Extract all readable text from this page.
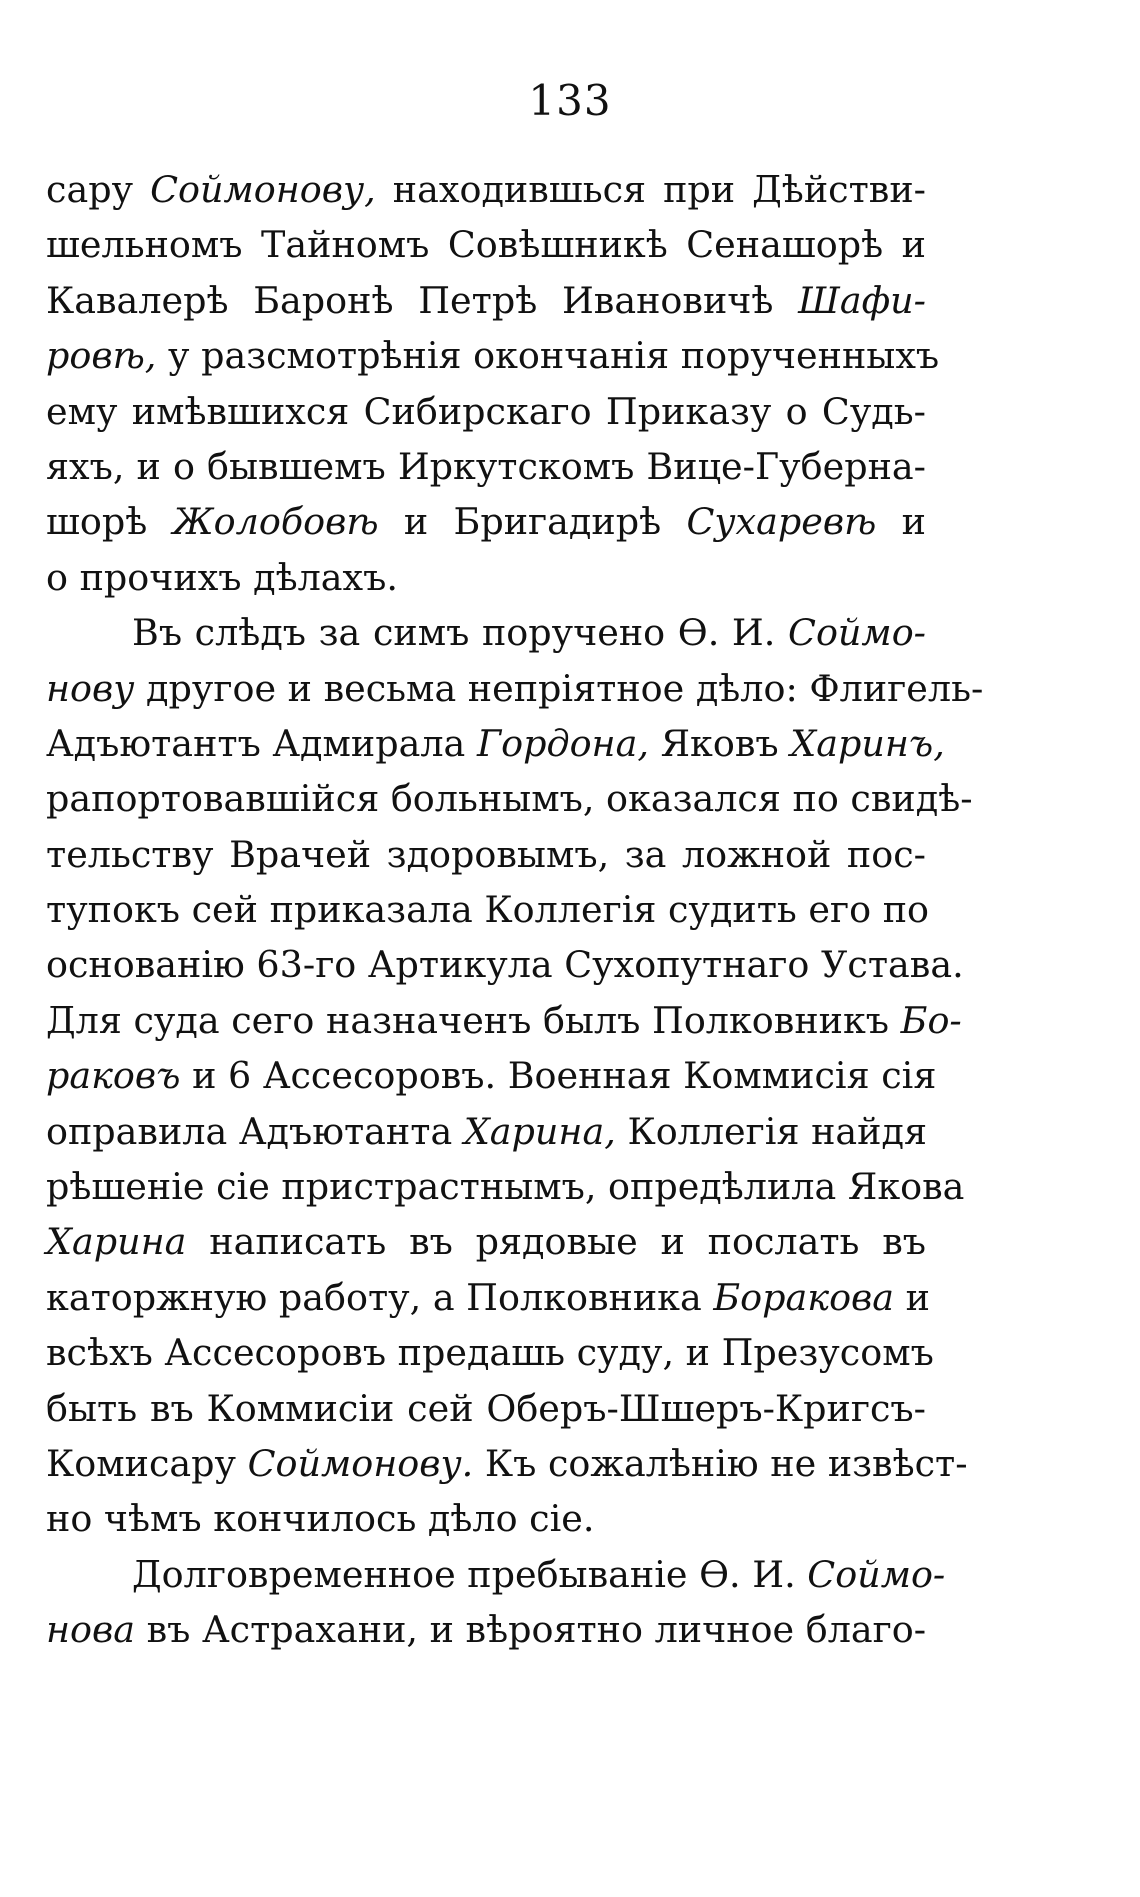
133
сару Соймонову, находившься при Дѣйстви-
шельномъ Тайномъ Совѣшникѣ Сенашорѣ и
Кавалерѣ Баронѣ Петрѣ Ивановичѣ Шафи-
ровѣ, у разсмотрѣнія окончанія порученныхъ
ему имѣвшихся Сибирскаго Приказу о Судь-
яхъ, и о бывшемъ Иркутскомъ Вице-Губерна-
шорѣ Жолобовѣ и Бригадирѣ Сухаревѣ и
о прочихъ дѣлахъ.
Въ слѣдъ за симъ поручено Ѳ. И. Соймо-
нову другое и весьма непріятное дѣло: Флигель-
Адъютантъ Адмирала Гордона, Яковъ Харинъ,
рапортовавшійся больнымъ, оказался по свидѣ-
тельству Врачей здоровымъ, за ложной пос-
тупокъ сей приказала Коллегія судить его по
основанію 63-го Артикула Сухопутнаго Устава.
Для суда сего назначенъ былъ Полковникъ Бо-
раковъ и 6 Ассесоровъ. Военная Коммисія сія
оправила Адъютанта Харина, Коллегія найдя
рѣшеніе сіе пристрастнымъ, опредѣлила Якова
Харина написать въ рядовые и послать въ
каторжную работу, а Полковника Боракова и
всѣхъ Ассесоровъ предашь суду, и Презусомъ
быть въ Коммисіи сей Оберъ-Шшеръ-Кригсъ-
Комисару Соймонову. Къ сожалѣнію не извѣст-
но чѣмъ кончилось дѣло сіе.
Долговременное пребываніе Ѳ. И. Соймо-
нова въ Астрахани, и вѣроятно личное благо-
